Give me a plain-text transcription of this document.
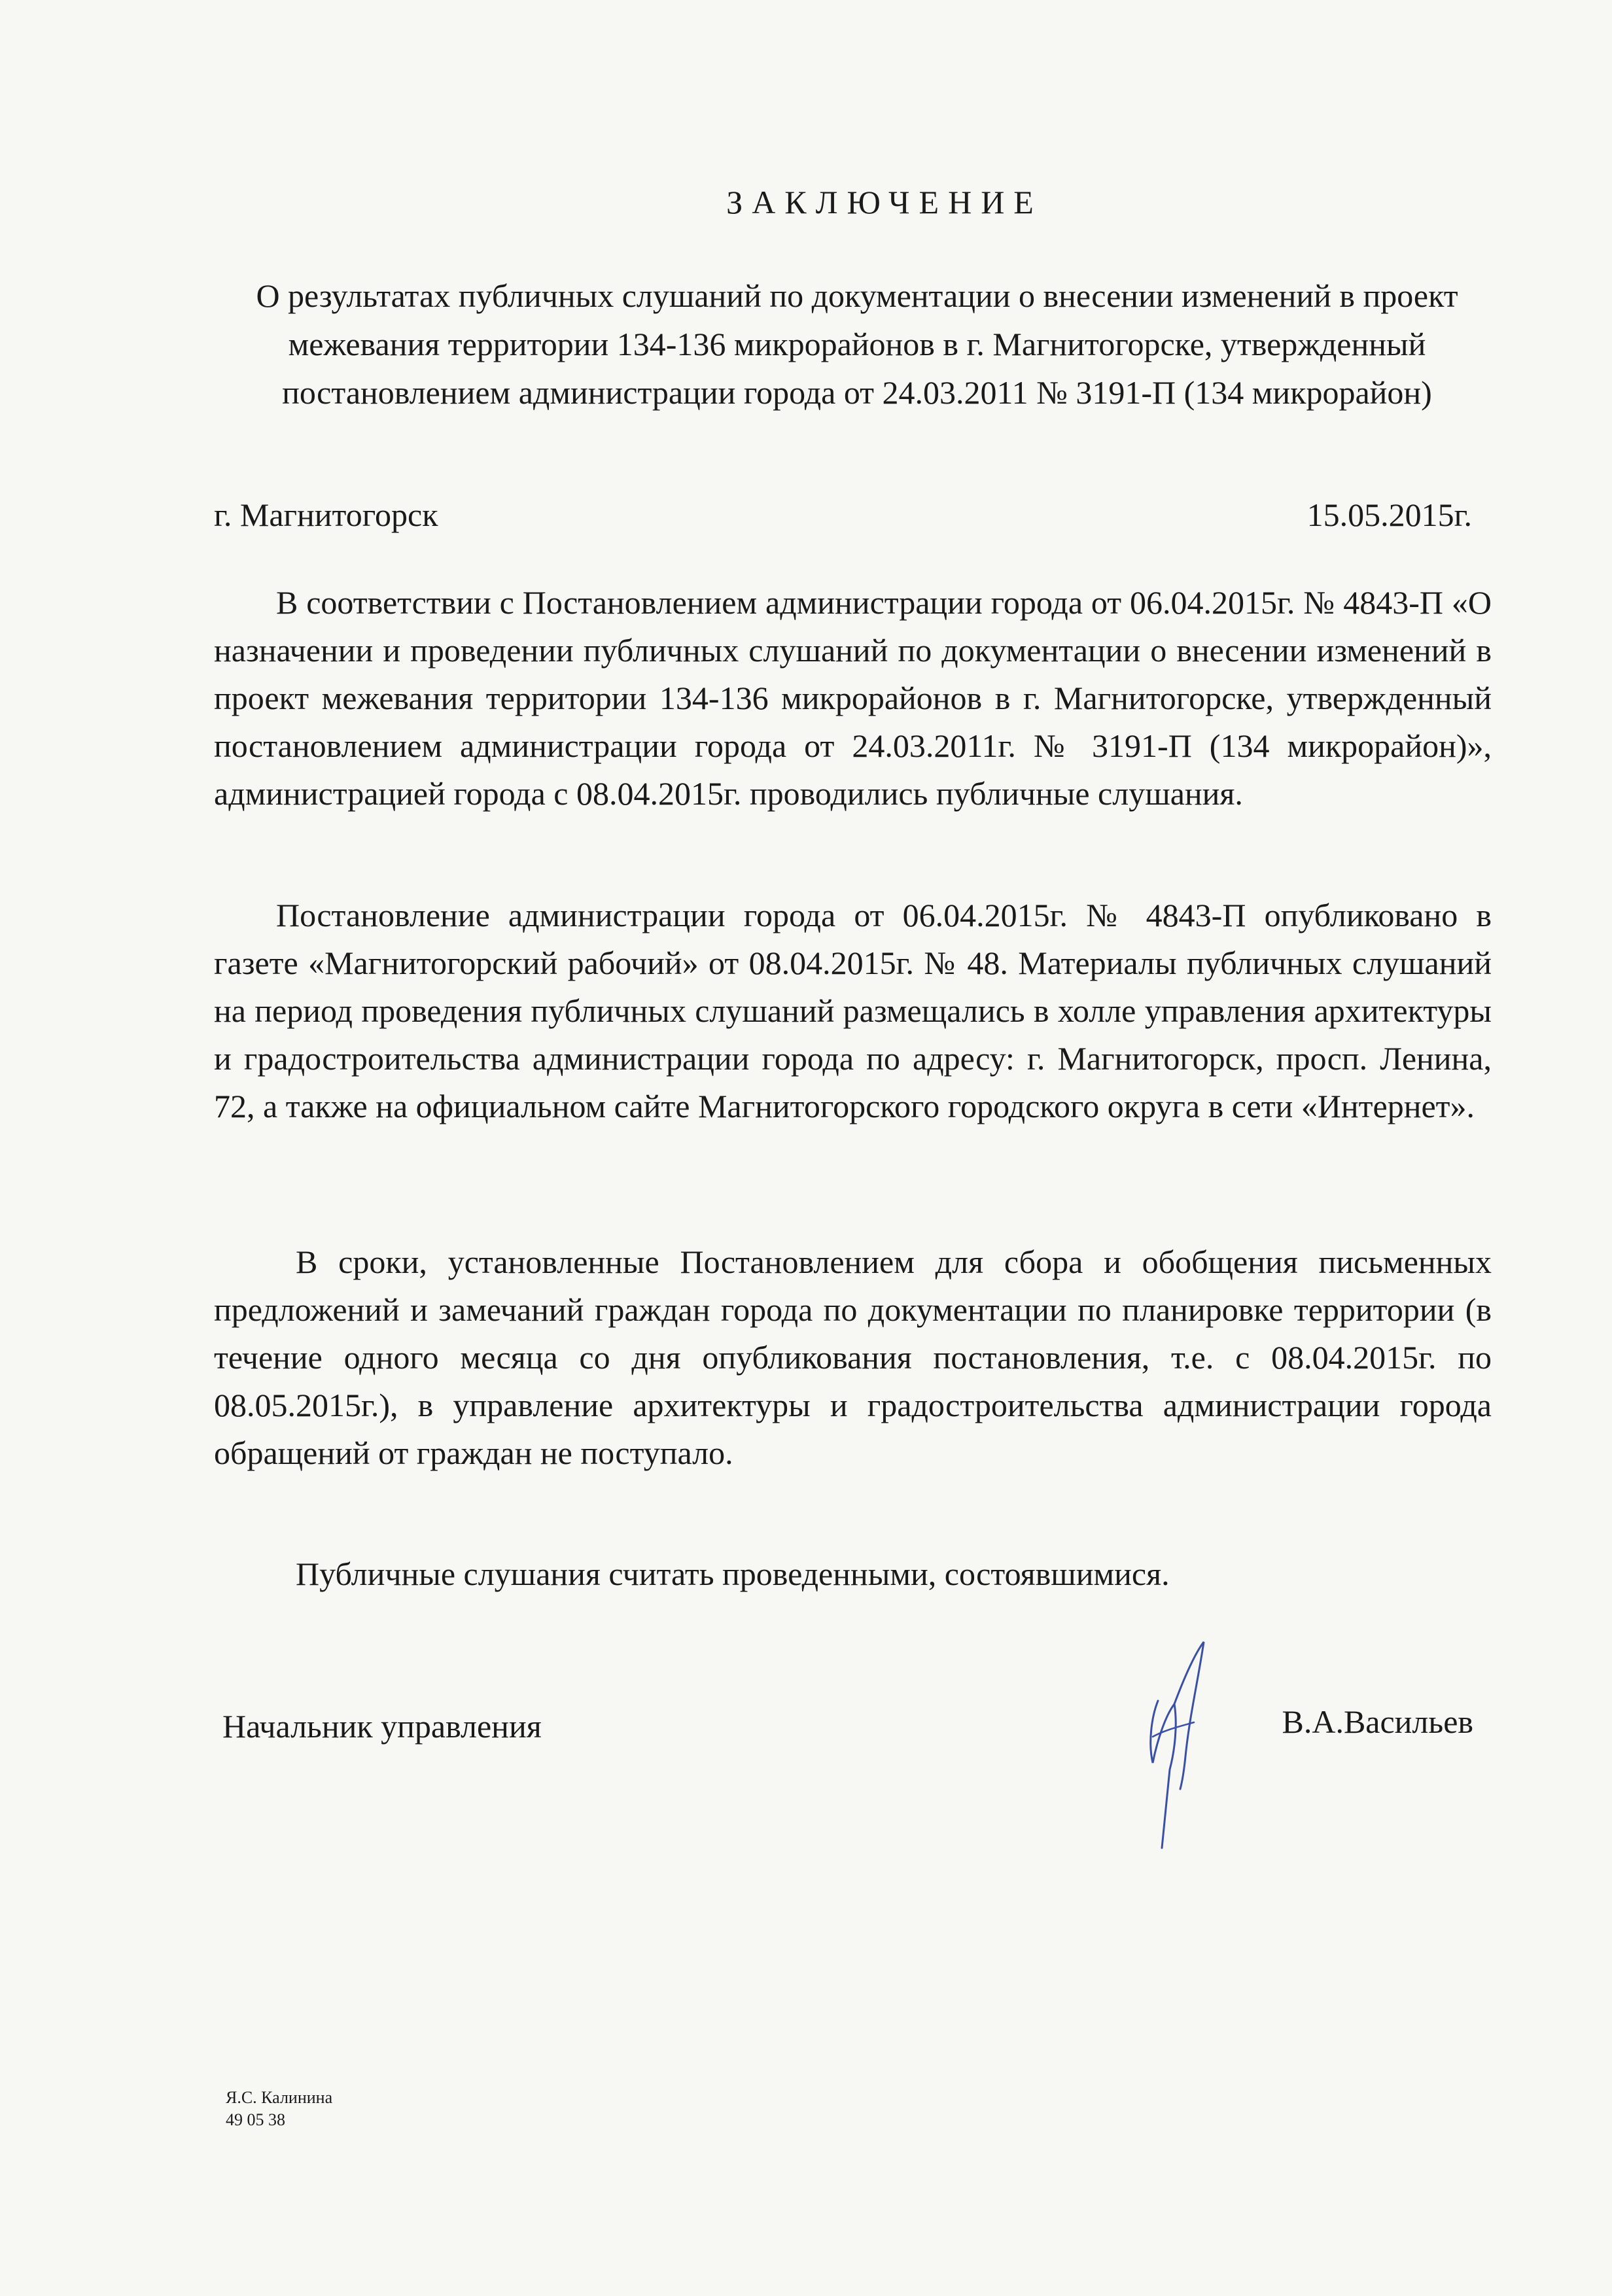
ЗАКЛЮЧЕНИЕ
О результатах публичных слушаний по документации о внесении изменений в проект межевания территории 134-136 микрорайонов в г. Магнитогорске, утвержденный постановлением администрации города от 24.03.2011 № 3191-П (134 микрорайон)
г. Магнитогорск	15.05.2015г.
В соответствии с Постановлением администрации города от 06.04.2015г. № 4843-П «О назначении и проведении публичных слушаний по документации о внесении изменений в проект межевания территории 134-136 микрорайонов в г. Магнитогорске, утвержденный постановлением администрации города от 24.03.2011г. № 3191-П (134 микрорайон)», администрацией города с 08.04.2015г. проводились публичные слушания.
Постановление администрации города от 06.04.2015г. № 4843-П опубликовано в газете «Магнитогорский рабочий» от 08.04.2015г. № 48. Материалы публичных слушаний на период проведения публичных слушаний размещались в холле управления архитектуры и градостроительства администрации города по адресу: г. Магнитогорск, просп. Ленина, 72, а также на официальном сайте Магнитогорского городского округа в сети «Интернет».
В сроки, установленные Постановлением для сбора и обобщения письменных предложений и замечаний граждан города по документации по планировке территории (в течение одного месяца со дня опубликования постановления, т.е. с 08.04.2015г. по 08.05.2015г.), в управление архитектуры и градостроительства администрации города обращений от граждан не поступало.
Публичные слушания считать проведенными, состоявшимися.
Начальник управления	В.А.Васильев
Я.С. Калинина
49 05 38
